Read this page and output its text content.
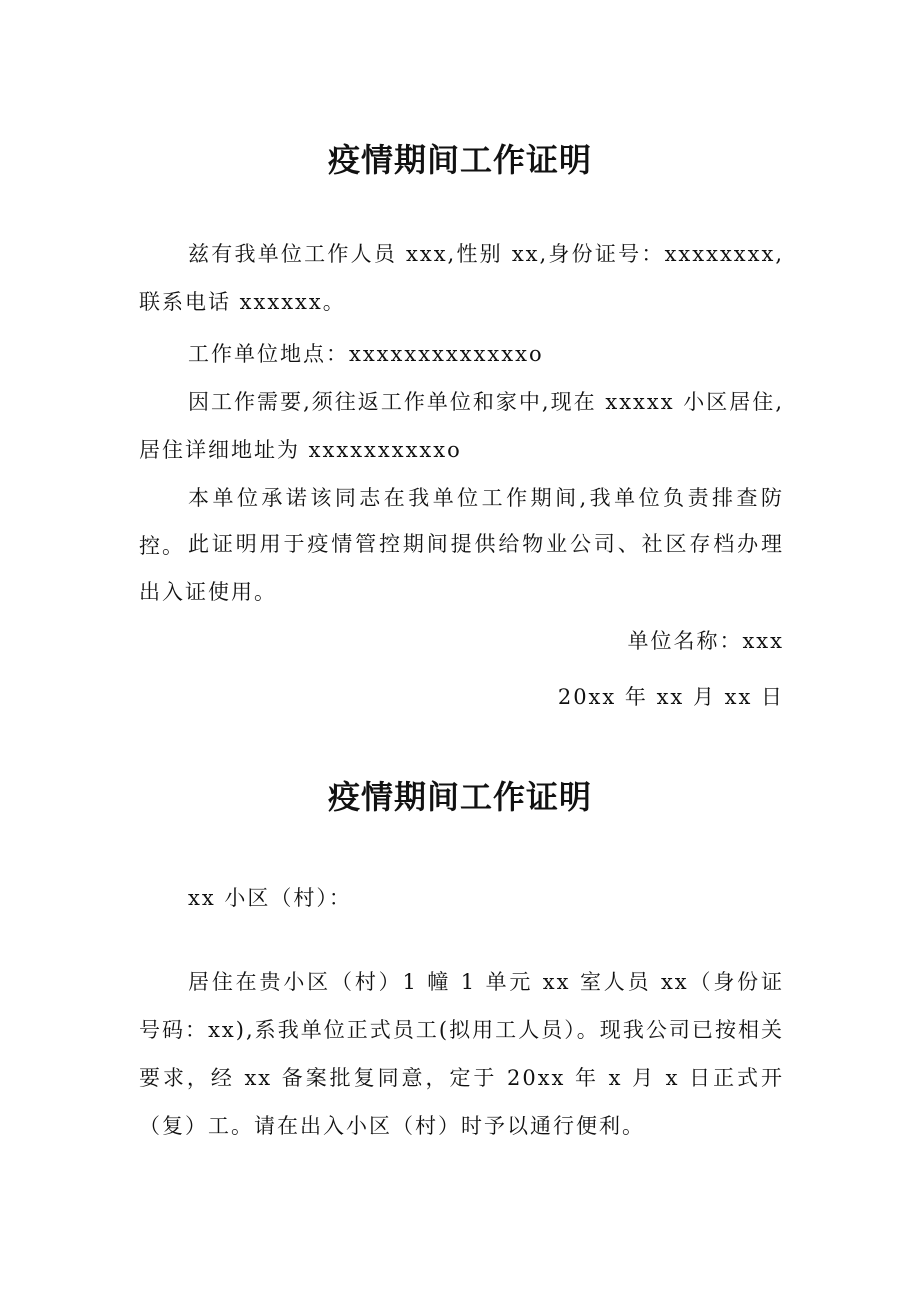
疫情期间工作证明
兹有我单位工作人员 xxx,性别 xx,身份证号：xxxxxxxx,联系电话 xxxxxx。
工作单位地点：xxxxxxxxxxxxxo
因工作需要,须往返工作单位和家中,现在 xxxxx 小区居住,居住详细地址为 xxxxxxxxxxo
本单位承诺该同志在我单位工作期间,我单位负责排查防控。 此证明用于疫情管控期间提供给物业公司、社区存档办理出入证使用。
单位名称：xxx
20xx 年 xx 月 xx 日
疫情期间工作证明
xx 小区（村）：
居住在贵小区（村）1 幢 1 单元 xx 室人员 xx（身份证号码：xx),系我单位正式员工(拟用工人员）。现我公司已按相关要求，经 xx 备案批复同意，定于 20xx 年 x 月 x 日正式开（复）工。请在出入小区（村）时予以通行便利。
